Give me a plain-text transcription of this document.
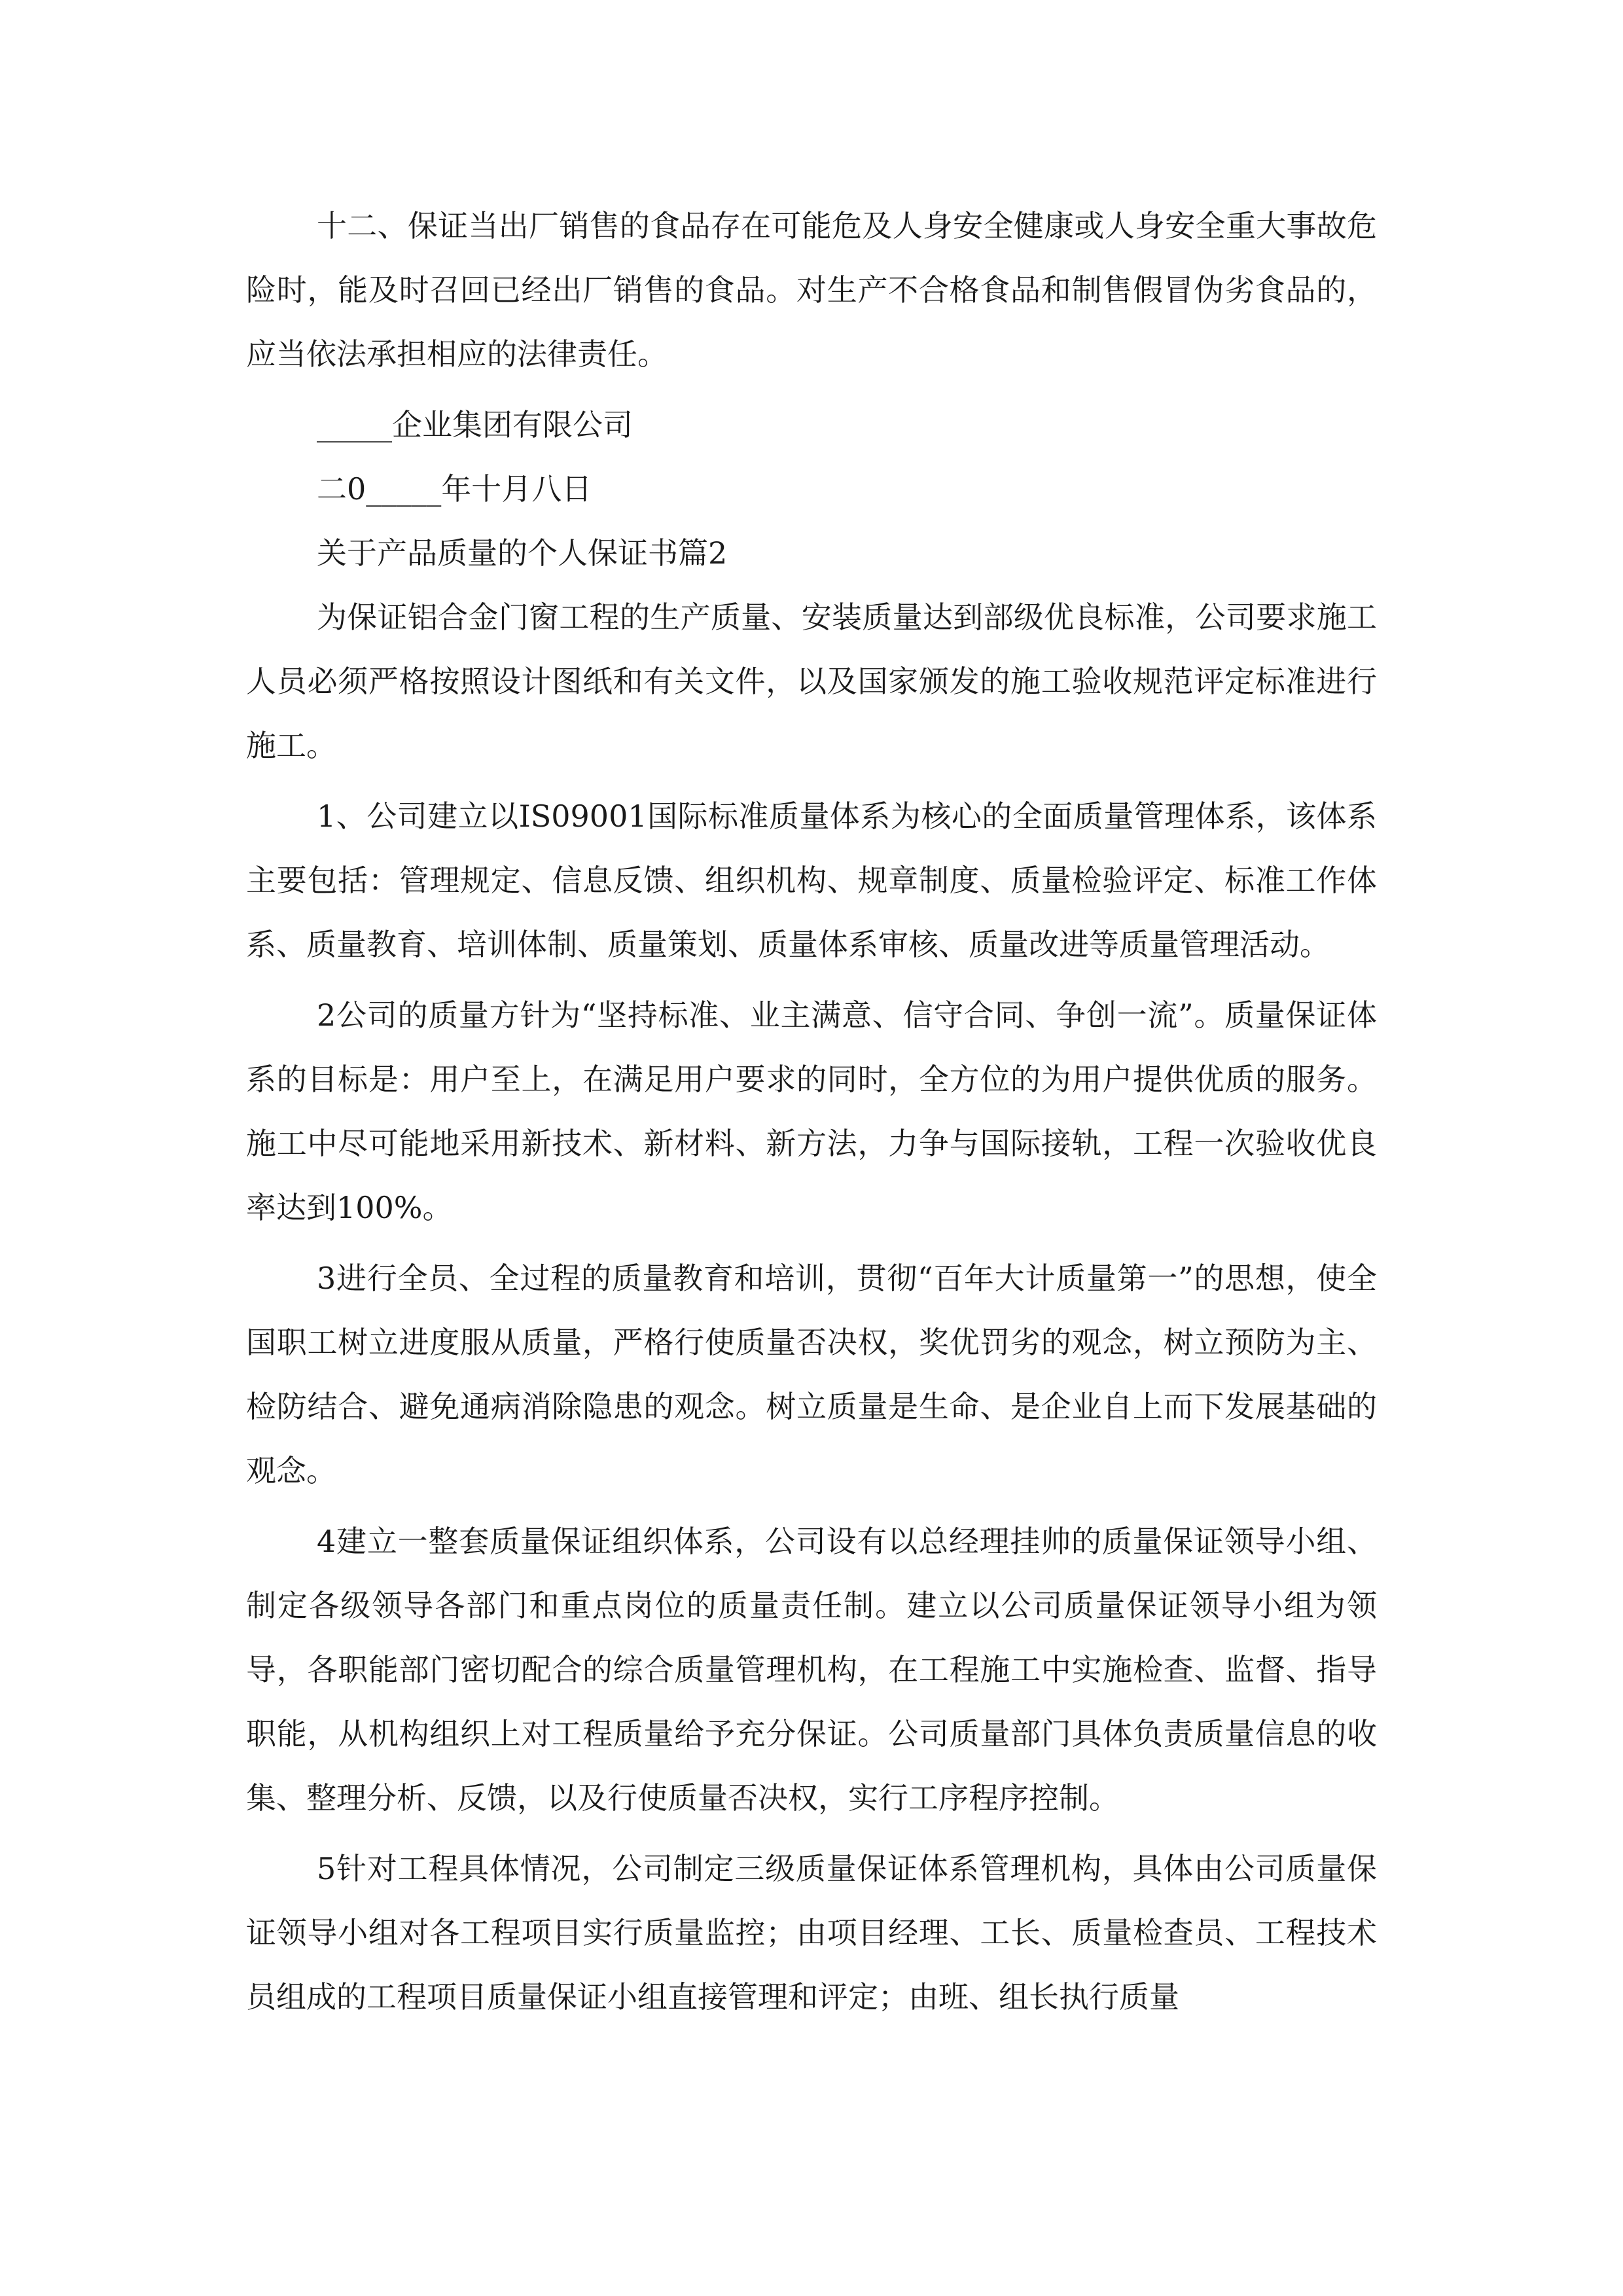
十二、保证当出厂销售的食品存在可能危及人身安全健康或人身安全重大事故危险时，能及时召回已经出厂销售的食品。对生产不合格食品和制售假冒伪劣食品的，应当依法承担相应的法律责任。

_____企业集团有限公司

二0_____年十月八日

关于产品质量的个人保证书篇2

为保证铝合金门窗工程的生产质量、安装质量达到部级优良标准，公司要求施工人员必须严格按照设计图纸和有关文件，以及国家颁发的施工验收规范评定标准进行施工。

1、公司建立以IS09001国际标准质量体系为核心的全面质量管理体系，该体系主要包括：管理规定、信息反馈、组织机构、规章制度、质量检验评定、标准工作体系、质量教育、培训体制、质量策划、质量体系审核、质量改进等质量管理活动。

2公司的质量方针为“坚持标准、业主满意、信守合同、争创一流”。质量保证体系的目标是：用户至上，在满足用户要求的同时，全方位的为用户提供优质的服务。施工中尽可能地采用新技术、新材料、新方法，力争与国际接轨，工程一次验收优良率达到100%。

3进行全员、全过程的质量教育和培训，贯彻“百年大计质量第一”的思想，使全国职工树立进度服从质量，严格行使质量否决权，奖优罚劣的观念，树立预防为主、检防结合、避免通病消除隐患的观念。树立质量是生命、是企业自上而下发展基础的观念。

4建立一整套质量保证组织体系，公司设有以总经理挂帅的质量保证领导小组、制定各级领导各部门和重点岗位的质量责任制。建立以公司质量保证领导小组为领导，各职能部门密切配合的综合质量管理机构，在工程施工中实施检查、监督、指导职能，从机构组织上对工程质量给予充分保证。公司质量部门具体负责质量信息的收集、整理分析、反馈，以及行使质量否决权，实行工序程序控制。

5针对工程具体情况，公司制定三级质量保证体系管理机构，具体由公司质量保证领导小组对各工程项目实行质量监控；由项目经理、工长、质量检查员、工程技术员组成的工程项目质量保证小组直接管理和评定；由班、组长执行质量
